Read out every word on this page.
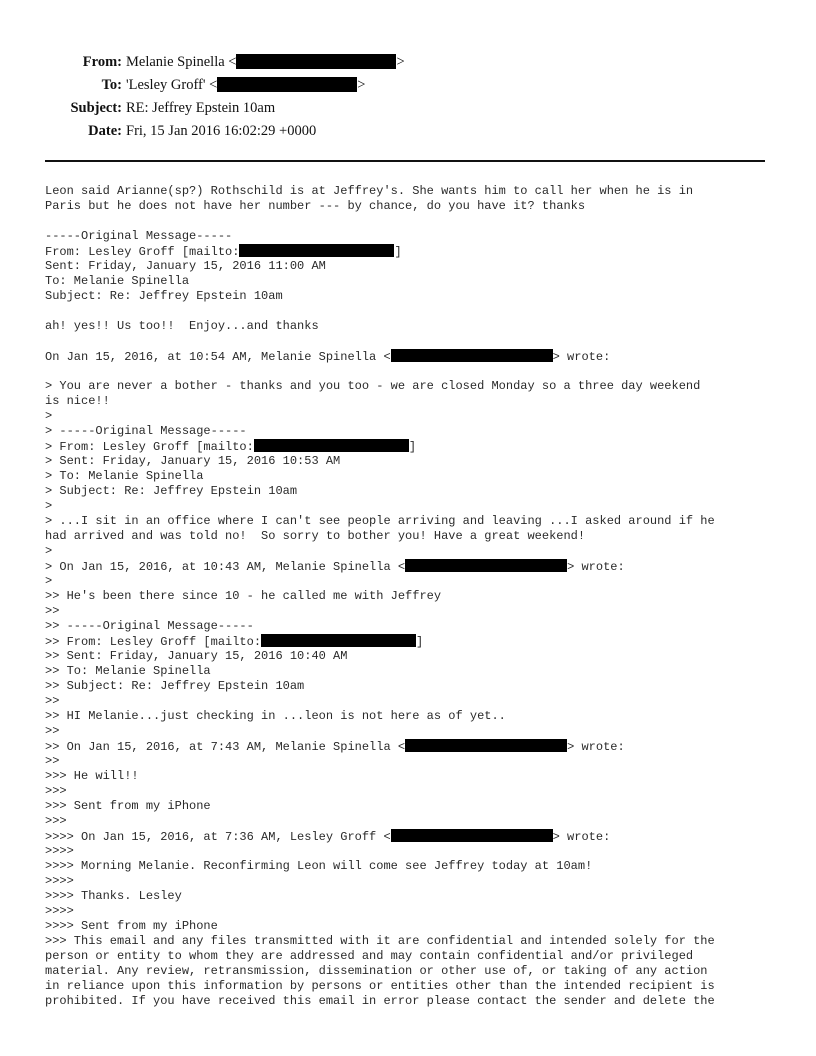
From: Melanie Spinella <	>
To: 'Lesley Groff' <	>
Subject: RE: Jeffrey Epstein 10am
Date: Fri, 15 Jan 2016 16:02:29 +0000
Leon said Arianne(sp?) Rothschild is at Jeffrey's. She wants him to call her when he is in
Paris but he does not have her number --- by chance, do you have it? thanks
-----Original Message-----
From: Lesley Groff [mailto:	]
Sent: Friday, January 15, 2016 11:00 AM
To: Melanie Spinella
Subject: Re: Jeffrey Epstein 10am
ah! yes!! Us too!!  Enjoy...and thanks
On Jan 15, 2016, at 10:54 AM, Melanie Spinella <	> wrote:
> You are never a bother - thanks and you too - we are closed Monday so a three day weekend
is nice!!
>
> -----Original Message-----
> From: Lesley Groff [mailto:	]
> Sent: Friday, January 15, 2016 10:53 AM
> To: Melanie Spinella
> Subject: Re: Jeffrey Epstein 10am
>
> ...I sit in an office where I can't see people arriving and leaving ...I asked around if he
had arrived and was told no!  So sorry to bother you! Have a great weekend!
>
> On Jan 15, 2016, at 10:43 AM, Melanie Spinella <	> wrote:
>
>> He's been there since 10 - he called me with Jeffrey
>>
>> -----Original Message-----
>> From: Lesley Groff [mailto:	]
>> Sent: Friday, January 15, 2016 10:40 AM
>> To: Melanie Spinella
>> Subject: Re: Jeffrey Epstein 10am
>>
>> HI Melanie...just checking in ...leon is not here as of yet..
>>
>> On Jan 15, 2016, at 7:43 AM, Melanie Spinella <	> wrote:
>>
>>> He will!!
>>>
>>> Sent from my iPhone
>>>
>>>> On Jan 15, 2016, at 7:36 AM, Lesley Groff <	> wrote:
>>>>
>>>> Morning Melanie. Reconfirming Leon will come see Jeffrey today at 10am!
>>>>
>>>> Thanks. Lesley
>>>>
>>>> Sent from my iPhone
>>> This email and any files transmitted with it are confidential and intended solely for the
person or entity to whom they are addressed and may contain confidential and/or privileged
material. Any review, retransmission, dissemination or other use of, or taking of any action
in reliance upon this information by persons or entities other than the intended recipient is
prohibited. If you have received this email in error please contact the sender and delete the
